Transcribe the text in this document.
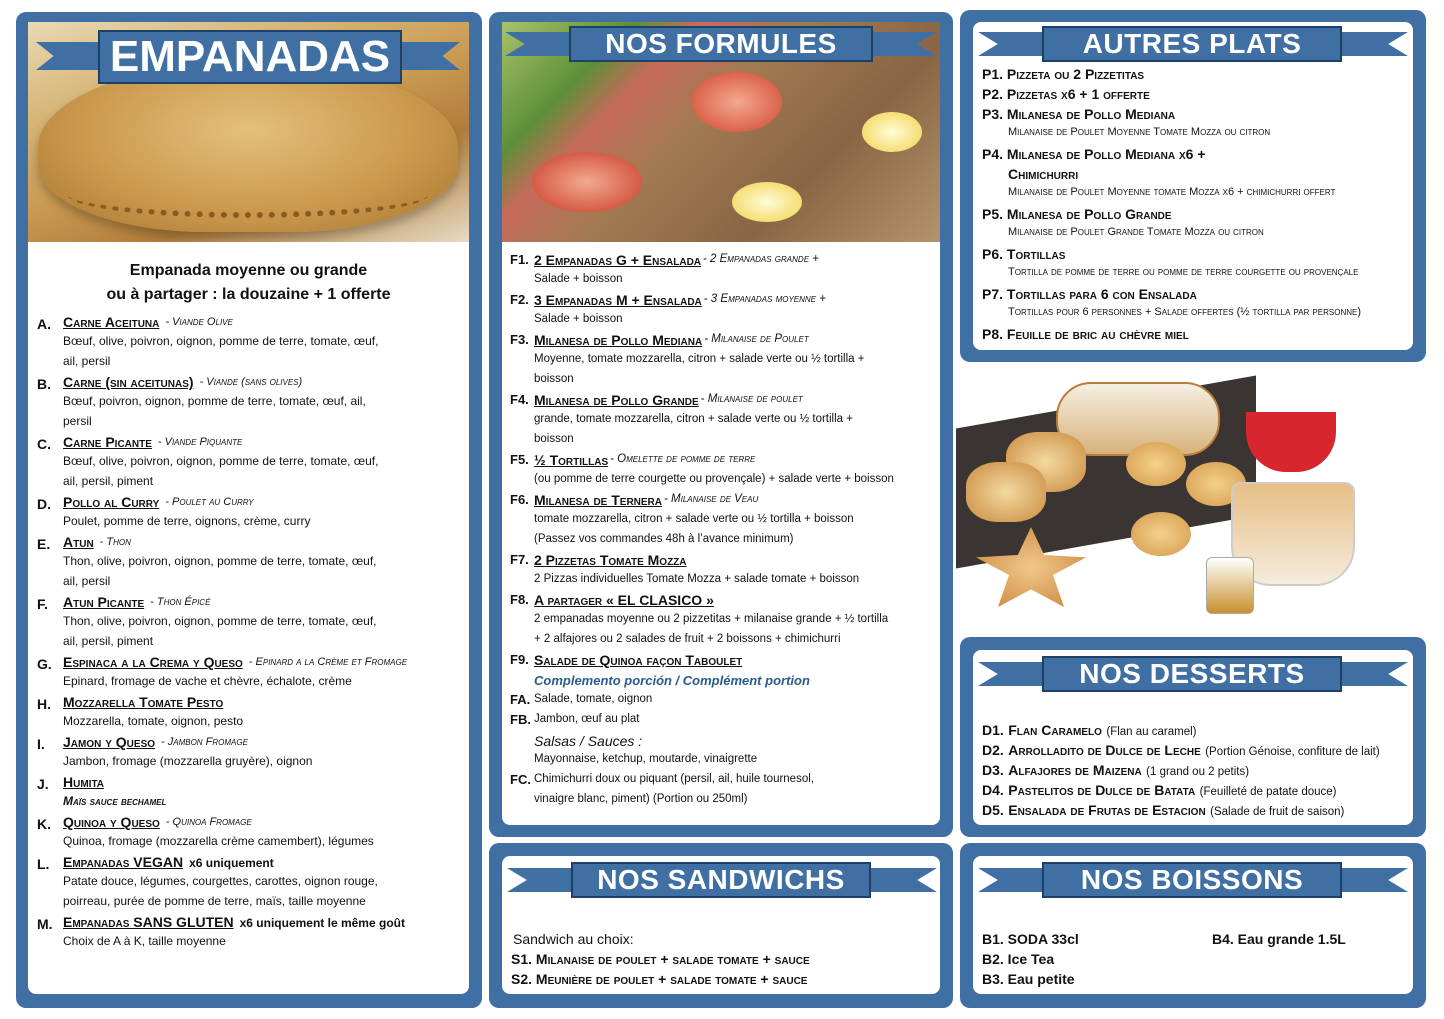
EMPANADAS
Empanada moyenne ou grande
ou à partager : la douzaine + 1 offerte
A. Carne Aceituna - Viande Olive
Bœuf, olive, poivron, oignon, pomme de terre, tomate, œuf,
ail, persil
B. Carne (sin aceitunas) - Viande (sans olives)
Bœuf, poivron, oignon, pomme de terre, tomate, œuf, ail,
persil
C. Carne Picante - Viande Piquante
Bœuf, olive, poivron, oignon, pomme de terre, tomate, œuf,
ail, persil, piment
D. Pollo al Curry - Poulet au Curry
Poulet, pomme de terre, oignons, crème, curry
E. Atun - Thon
Thon, olive, poivron, oignon, pomme de terre, tomate, œuf,
ail, persil
F. Atun Picante - Thon Épicé
Thon, olive, poivron, oignon, pomme de terre, tomate, œuf,
ail, persil, piment
G. Espinaca a la Crema y Queso - Epinard a la Crème et Fromage
Epinard, fromage de vache et chèvre, échalote, crème
H. Mozzarella Tomate Pesto
Mozzarella, tomate, oignon, pesto
I. Jamon y Queso - Jambon Fromage
Jambon, fromage (mozzarella gruyère), oignon
J. Humita
Maïs sauce bechamel
K. Quinoa y Queso - Quinoa Fromage
Quinoa, fromage (mozzarella crème camembert), légumes
L. Empanadas VEGAN x6 uniquement
Patate douce, légumes, courgettes, carottes, oignon rouge,
poirreau, purée de pomme de terre, maïs, taille moyenne
M. Empanadas SANS GLUTEN x6 uniquement le même goût
Choix de A à K, taille moyenne
NOS FORMULES
F1. 2 Empanadas G + Ensalada - 2 Empanadas grande +
Salade + boisson
F2. 3 Empanadas M + Ensalada - 3 Empanadas moyenne +
Salade + boisson
F3. Milanesa de Pollo Mediana - Milanaise de Poulet
Moyenne, tomate mozzarella, citron + salade verte ou ½ tortilla +
boisson
F4. Milanesa de Pollo Grande - Milanaise de poulet
grande, tomate mozzarella, citron + salade verte ou ½ tortilla +
boisson
F5. ½ Tortillas - Omelette de pomme de terre
(ou pomme de terre courgette ou provençale) + salade verte + boisson
F6. Milanesa de Ternera - Milanaise de Veau
tomate mozzarella, citron + salade verte ou ½ tortilla + boisson
(Passez vos commandes 48h à l’avance minimum)
F7. 2 Pizzetas Tomate Mozza
2 Pizzas individuelles Tomate Mozza + salade tomate + boisson
F8. A partager « EL CLASICO »
2 empanadas moyenne ou 2 pizzetitas + milanaise grande + ½ tortilla
+ 2 alfajores ou 2 salades de fruit + 2 boissons + chimichurri
F9. Salade de Quinoa façon Taboulet
Complemento porción / Complément portion
FA. Salade, tomate, oignon
FB. Jambon, œuf au plat
Salsas / Sauces :
Mayonnaise, ketchup, moutarde, vinaigrette
FC. Chimichurri doux ou piquant (persil, ail, huile tournesol,
vinaigre blanc, piment) (Portion ou 250ml)
AUTRES PLATS
P1. Pizzeta ou 2 Pizzetitas
P2. Pizzetas x6 + 1 offerte
P3. Milanesa de Pollo Mediana
Milanaise de Poulet Moyenne Tomate Mozza ou citron
P4. Milanesa de Pollo Mediana x6 +
Chimichurri
Milanaise de Poulet Moyenne tomate Mozza x6 + chimichurri offert
P5. Milanesa de Pollo Grande
Milanaise de Poulet Grande Tomate Mozza ou citron
P6. Tortillas
Tortilla de pomme de terre ou pomme de terre courgette ou provençale
P7. Tortillas para 6 con Ensalada
Tortillas pour 6 personnes + Salade offertes (½ tortilla par personne)
P8. Feuille de bric au chèvre miel
NOS DESSERTS
D1. Flan Caramelo (Flan au caramel)
D2. Arrolladito de Dulce de Leche (Portion Génoise, confiture de lait)
D3. Alfajores de Maizena (1 grand ou 2 petits)
D4. Pastelitos de Dulce de Batata (Feuilleté de patate douce)
D5. Ensalada de Frutas de Estacion (Salade de fruit de saison)
NOS SANDWICHS
Sandwich au choix:
S1. Milanaise de poulet + salade tomate + sauce
S2. Meunière de poulet + salade tomate + sauce
NOS BOISSONS
B1. SODA 33cl
B2. Ice Tea
B3. Eau petite
B4. Eau grande 1.5L
